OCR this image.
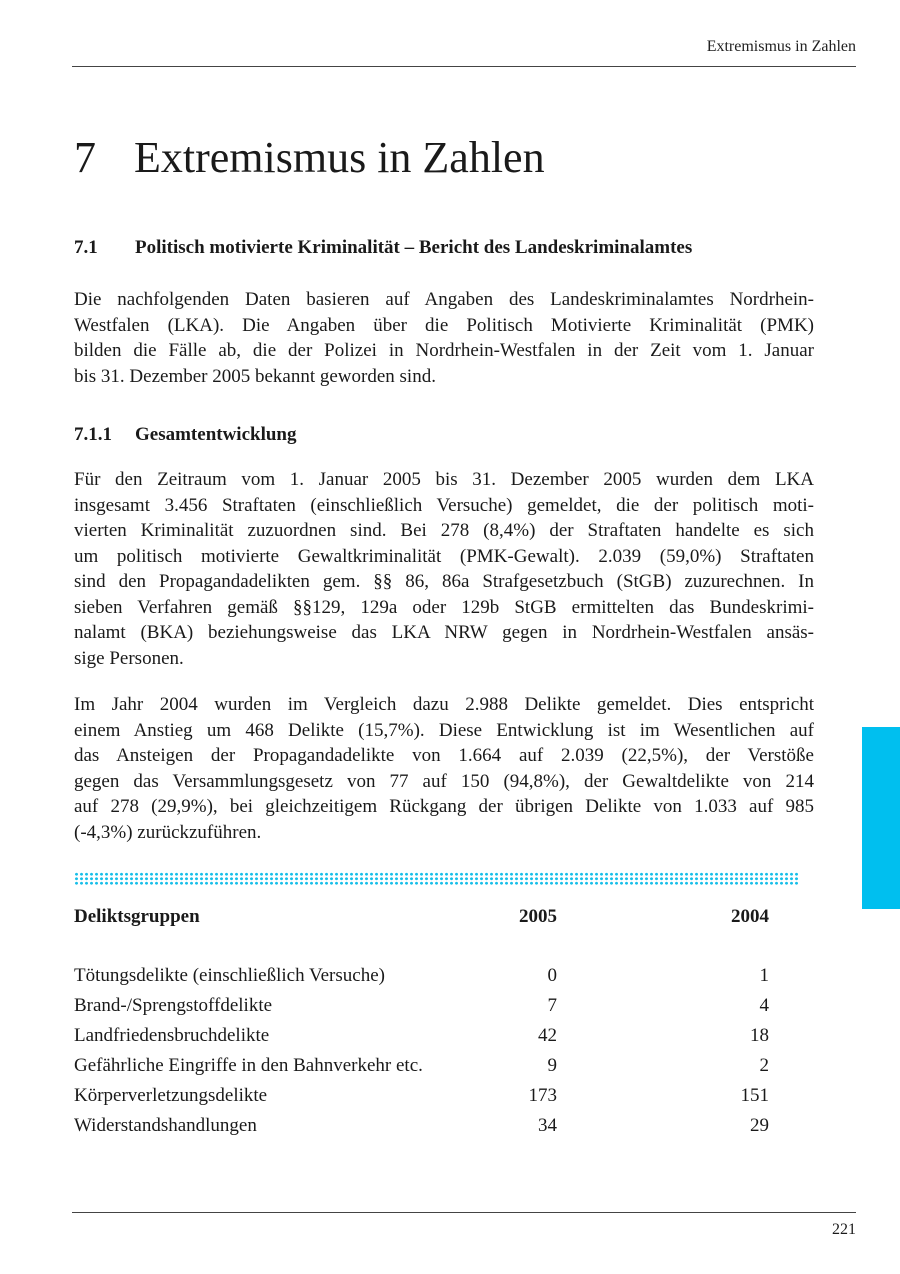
Extremismus in Zahlen
7 Extremismus in Zahlen
7.1 Politisch motivierte Kriminalität – Bericht des Landeskriminalamtes
Die nachfolgenden Daten basieren auf Angaben des Landeskriminalamtes Nordrhein-
Westfalen (LKA). Die Angaben über die Politisch Motivierte Kriminalität (PMK)
bilden die Fälle ab, die der Polizei in Nordrhein-Westfalen in der Zeit vom 1. Januar
bis 31. Dezember 2005 bekannt geworden sind.
7.1.1 Gesamtentwicklung
Für den Zeitraum vom 1. Januar 2005 bis 31. Dezember 2005 wurden dem LKA
insgesamt 3.456 Straftaten (einschließlich Versuche) gemeldet, die der politisch moti-
vierten Kriminalität zuzuordnen sind. Bei 278 (8,4%) der Straftaten handelte es sich
um politisch motivierte Gewaltkriminalität (PMK-Gewalt). 2.039 (59,0%) Straftaten
sind den Propagandadelikten gem. §§ 86, 86a Strafgesetzbuch (StGB) zuzurechnen. In
sieben Verfahren gemäß §§129, 129a oder 129b StGB ermittelten das Bundeskrimi-
nalamt (BKA) beziehungsweise das LKA NRW gegen in Nordrhein-Westfalen ansäs-
sige Personen.
Im Jahr 2004 wurden im Vergleich dazu 2.988 Delikte gemeldet. Dies entspricht
einem Anstieg um 468 Delikte (15,7%). Diese Entwicklung ist im Wesentlichen auf
das Ansteigen der Propagandadelikte von 1.664 auf 2.039 (22,5%), der Verstöße
gegen das Versammlungsgesetz von 77 auf 150 (94,8%), der Gewaltdelikte von 214
auf 278 (29,9%), bei gleichzeitigem Rückgang der übrigen Delikte von 1.033 auf 985
(-4,3%) zurückzuführen.
Deliktsgruppen	2005	2004
Tötungsdelikte (einschließlich Versuche)	0	1
Brand-/Sprengstoffdelikte	7	4
Landfriedensbruchdelikte	42	18
Gefährliche Eingriffe in den Bahnverkehr etc.	9	2
Körperverletzungsdelikte	173	151
Widerstandshandlungen	34	29
221
